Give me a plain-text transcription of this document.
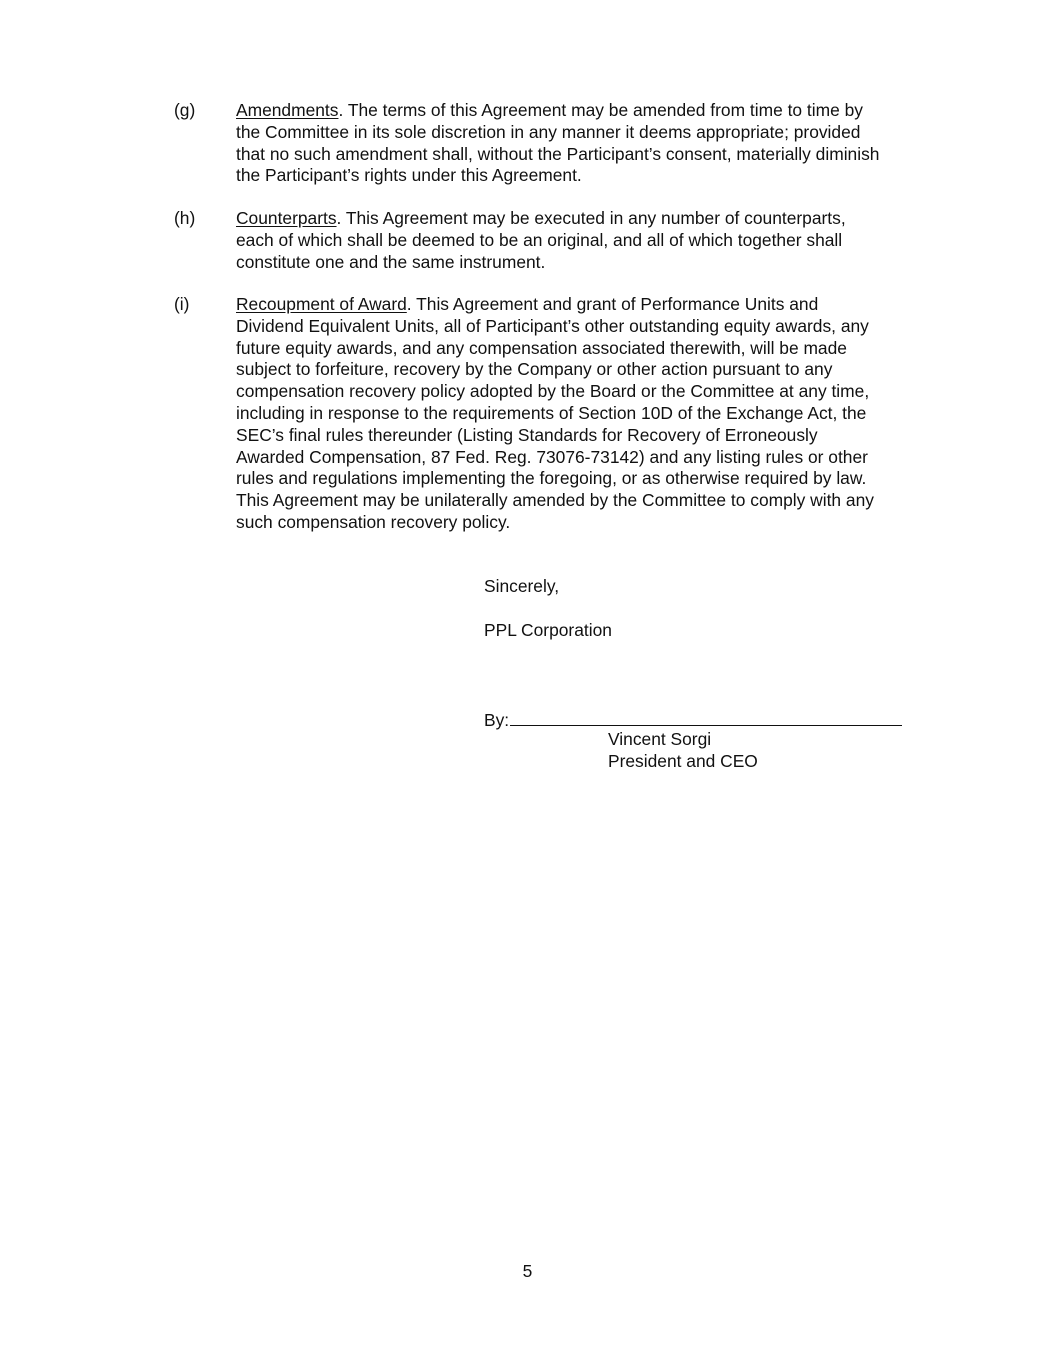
(g) Amendments. The terms of this Agreement may be amended from time to time by
the Committee in its sole discretion in any manner it deems appropriate; provided
that no such amendment shall, without the Participant’s consent, materially diminish
the Participant’s rights under this Agreement.
(h) Counterparts. This Agreement may be executed in any number of counterparts,
each of which shall be deemed to be an original, and all of which together shall
constitute one and the same instrument.
(i)	Recoupment of Award. This Agreement and grant of Performance Units and
Dividend Equivalent Units, all of Participant’s other outstanding equity awards, any
future equity awards, and any compensation associated therewith, will be made
subject to forfeiture, recovery by the Company or other action pursuant to any
compensation recovery policy adopted by the Board or the Committee at any time,
including in response to the requirements of Section 10D of the Exchange Act, the
SEC’s final rules thereunder (Listing Standards for Recovery of Erroneously
Awarded Compensation, 87 Fed. Reg. 73076-73142) and any listing rules or other
rules and regulations implementing the foregoing, or as otherwise required by law.
This Agreement may be unilaterally amended by the Committee to comply with any
such compensation recovery policy.
Sincerely,
PPL Corporation
By:
Vincent Sorgi
President and CEO
5
